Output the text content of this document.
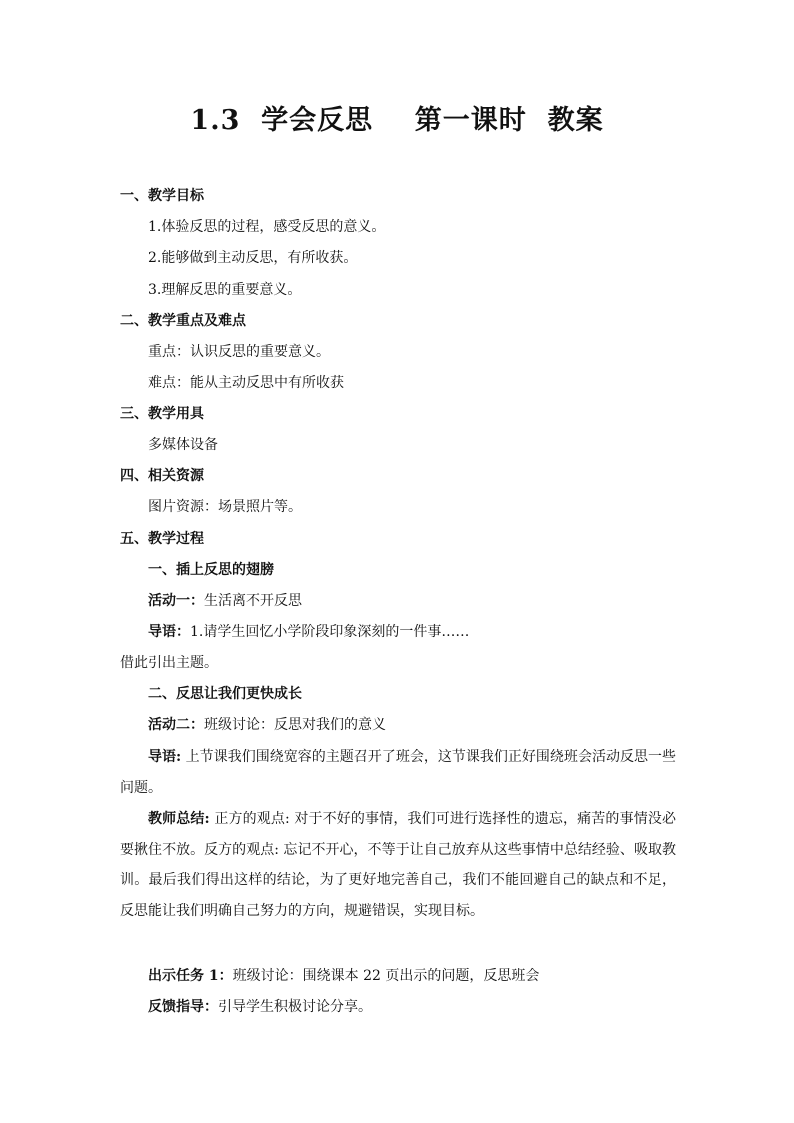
1.3  学会反思    第一课时  教案
一、教学目标
1.体验反思的过程，感受反思的意义。
2.能够做到主动反思，有所收获。
3.理解反思的重要意义。
二、教学重点及难点
重点：认识反思的重要意义。
难点：能从主动反思中有所收获
三、教学用具
多媒体设备
四、相关资源
图片资源：场景照片等。
五、教学过程
一、插上反思的翅膀
活动一：生活离不开反思
导语：1.请学生回忆小学阶段印象深刻的一件事……
借此引出主题。
二、反思让我们更快成长
活动二：班级讨论：反思对我们的意义
导语: 上节课我们围绕宽容的主题召开了班会，这节课我们正好围绕班会活动反思一些问题。
教师总结: 正方的观点: 对于不好的事情，我们可进行选择性的遗忘，痛苦的事情没必要揪住不放。反方的观点: 忘记不开心，不等于让自己放弃从这些事情中总结经验、吸取教训。最后我们得出这样的结论，为了更好地完善自己，我们不能回避自己的缺点和不足，反思能让我们明确自己努力的方向，规避错误，实现目标。
出示任务 1：班级讨论：围绕课本 22 页出示的问题，反思班会
反馈指导：引导学生积极讨论分享。
